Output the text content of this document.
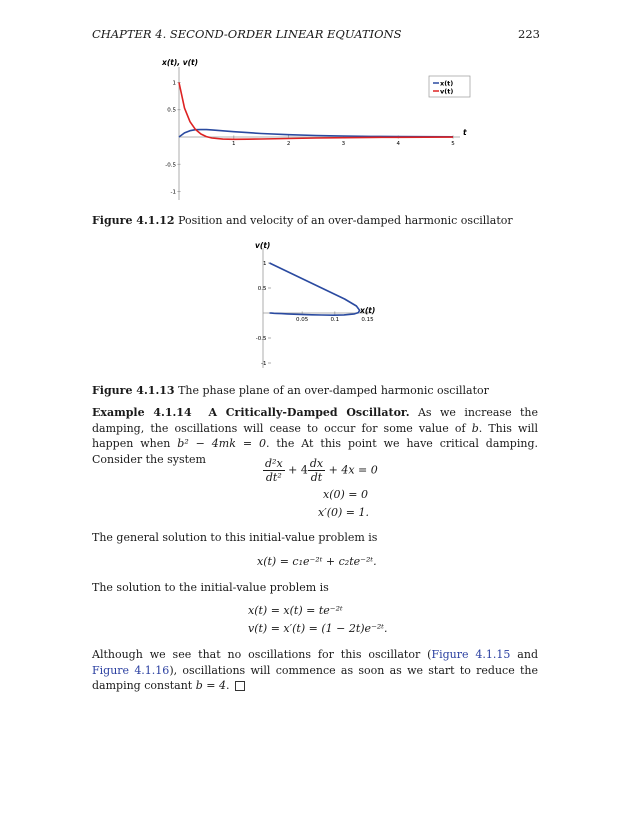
CHAPTER 4. SECOND-ORDER LINEAR EQUATIONS	223
x(t), v(t)
t
1	2	3	4	5
1
0.5
-0.5
-1
x(t)
v(t)
Figure 4.1.12 Position and velocity of an over-damped harmonic oscillator
v(t)
x(t)
0.05	0.1	0.15
1
0.5
-0.5
-1
Figure 4.1.13 The phase plane of an over-damped harmonic oscillator
Example 4.1.14 A Critically-Damped Oscillator. As we increase the damping, the oscillations will cease to occur for some value of b. This will happen when b² − 4mk = 0. the At this point we have critical damping. Consider the system	$\frac{\text{d²x}}{\text{dt²}} + 4 \frac{dx}{dt} + 4x = 0$
x(0) = 0
x′(0) = 1.
The general solution to this initial-value problem is
x(t) = c₁e⁻²ᵗ + c₂te⁻²ᵗ.
The solution to the initial-value problem is
x(t) = x(t) = te⁻²ᵗ
v(t) = x′(t) = (1 − 2t)e⁻²ᵗ.
Although we see that no oscillations for this oscillator (Figure 4.1.15 and Figure 4.1.16), oscillations will commence as soon as we start to reduce the damping constant b = 4.
